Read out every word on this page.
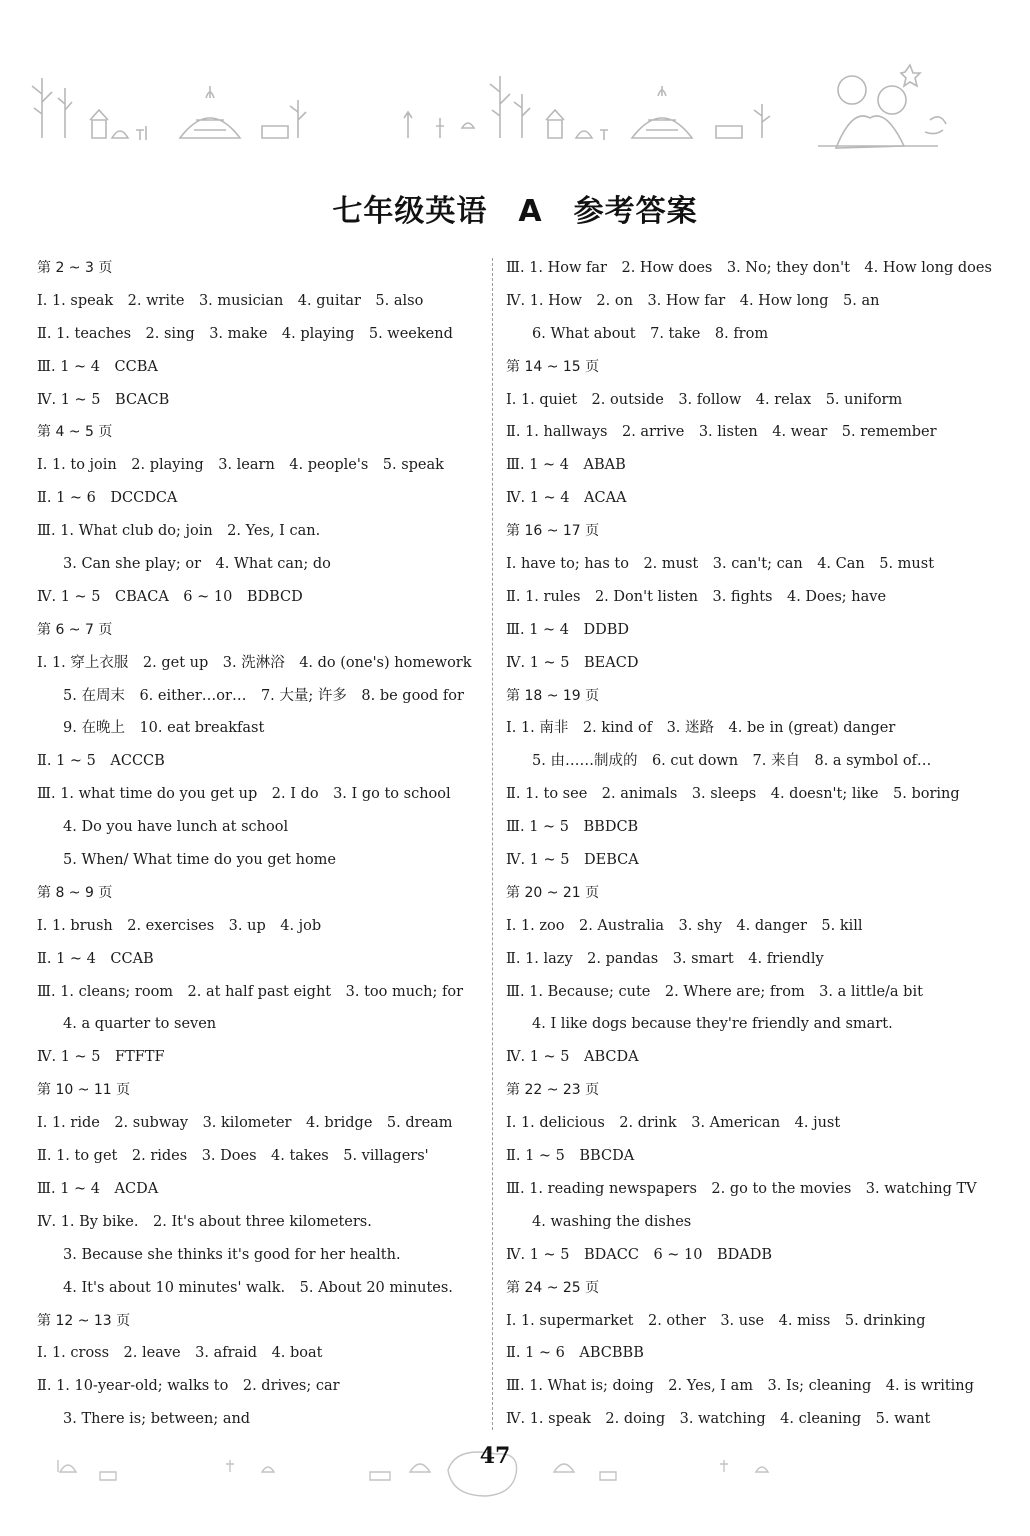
七年级英语　A　参考答案
第 2 ~ 3 页
Ⅰ. 1. speak　2. write　3. musician　4. guitar　5. also
Ⅱ. 1. teaches　2. sing　3. make　4. playing　5. weekend
Ⅲ. 1 ~ 4　CCBA
Ⅳ. 1 ~ 5　BCACB
第 4 ~ 5 页
Ⅰ. 1. to join　2. playing　3. learn　4. people's　5. speak
Ⅱ. 1 ~ 6　DCCDCA
Ⅲ. 1. What club do; join　2. Yes, I can.
3. Can she play; or　4. What can; do
Ⅳ. 1 ~ 5　CBACA　6 ~ 10　BDBCD
第 6 ~ 7 页
Ⅰ. 1. 穿上衣服　2. get up　3. 洗淋浴　4. do (one's) homework
5. 在周末　6. either…or…　7. 大量; 许多　8. be good for
9. 在晚上　10. eat breakfast
Ⅱ. 1 ~ 5　ACCCB
Ⅲ. 1. what time do you get up　2. I do　3. I go to school
4. Do you have lunch at school
5. When/ What time do you get home
第 8 ~ 9 页
Ⅰ. 1. brush　2. exercises　3. up　4. job
Ⅱ. 1 ~ 4　CCAB
Ⅲ. 1. cleans; room　2. at half past eight　3. too much; for
4. a quarter to seven
Ⅳ. 1 ~ 5　FTFTF
第 10 ~ 11 页
Ⅰ. 1. ride　2. subway　3. kilometer　4. bridge　5. dream
Ⅱ. 1. to get　2. rides　3. Does　4. takes　5. villagers'
Ⅲ. 1 ~ 4　ACDA
Ⅳ. 1. By bike.　2. It's about three kilometers.
3. Because she thinks it's good for her health.
4. It's about 10 minutes' walk.　5. About 20 minutes.
第 12 ~ 13 页
Ⅰ. 1. cross　2. leave　3. afraid　4. boat
Ⅱ. 1. 10-year-old; walks to　2. drives; car
3. There is; between; and
Ⅲ. 1. How far　2. How does　3. No; they don't　4. How long does
Ⅳ. 1. How　2. on　3. How far　4. How long　5. an
6. What about　7. take　8. from
第 14 ~ 15 页
Ⅰ. 1. quiet　2. outside　3. follow　4. relax　5. uniform
Ⅱ. 1. hallways　2. arrive　3. listen　4. wear　5. remember
Ⅲ. 1 ~ 4　ABAB
Ⅳ. 1 ~ 4　ACAA
第 16 ~ 17 页
Ⅰ. have to; has to　2. must　3. can't; can　4. Can　5. must
Ⅱ. 1. rules　2. Don't listen　3. fights　4. Does; have
Ⅲ. 1 ~ 4　DDBD
Ⅳ. 1 ~ 5　BEACD
第 18 ~ 19 页
Ⅰ. 1. 南非　2. kind of　3. 迷路　4. be in (great) danger
5. 由……制成的　6. cut down　7. 来自　8. a symbol of…
Ⅱ. 1. to see　2. animals　3. sleeps　4. doesn't; like　5. boring
Ⅲ. 1 ~ 5　BBDCB
Ⅳ. 1 ~ 5　DEBCA
第 20 ~ 21 页
Ⅰ. 1. zoo　2. Australia　3. shy　4. danger　5. kill
Ⅱ. 1. lazy　2. pandas　3. smart　4. friendly
Ⅲ. 1. Because; cute　2. Where are; from　3. a little/a bit
4. I like dogs because they're friendly and smart.
Ⅳ. 1 ~ 5　ABCDA
第 22 ~ 23 页
Ⅰ. 1. delicious　2. drink　3. American　4. just
Ⅱ. 1 ~ 5　BBCDA
Ⅲ. 1. reading newspapers　2. go to the movies　3. watching TV
4. washing the dishes
Ⅳ. 1 ~ 5　BDACC　6 ~ 10　BDADB
第 24 ~ 25 页
Ⅰ. 1. supermarket　2. other　3. use　4. miss　5. drinking
Ⅱ. 1 ~ 6　ABCBBB
Ⅲ. 1. What is; doing　2. Yes, I am　3. Is; cleaning　4. is writing
Ⅳ. 1. speak　2. doing　3. watching　4. cleaning　5. want
47
